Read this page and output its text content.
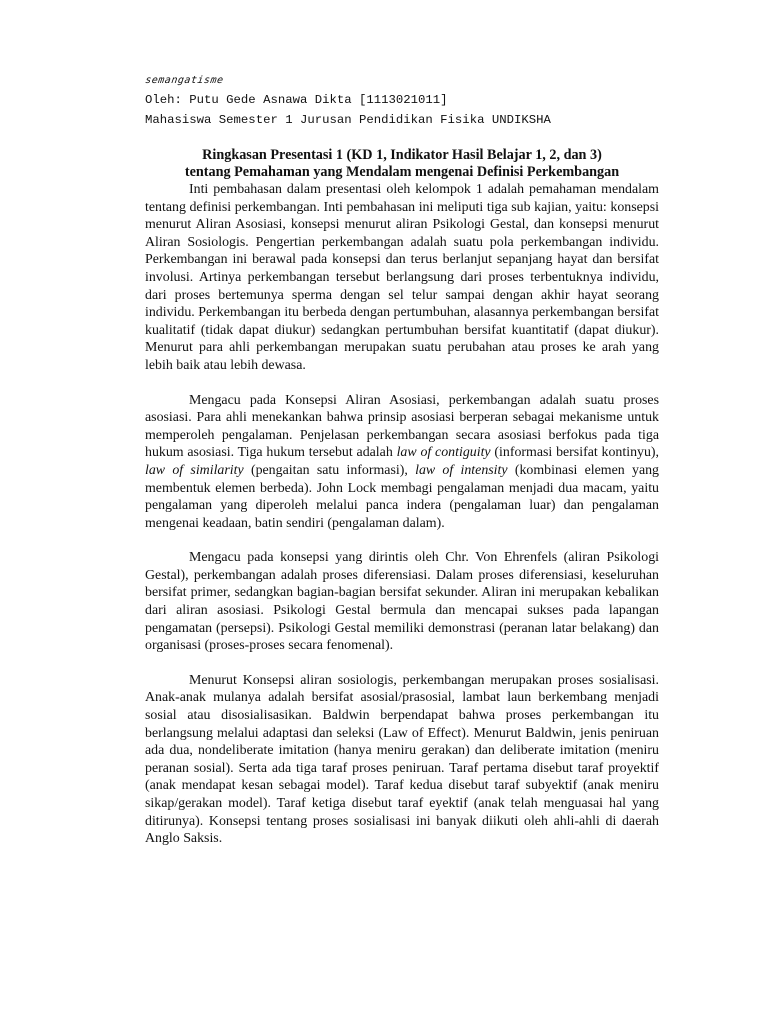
semangatisme
Oleh: Putu Gede Asnawa Dikta [1113021011]
Mahasiswa Semester 1 Jurusan Pendidikan Fisika UNDIKSHA
Ringkasan Presentasi 1 (KD 1, Indikator Hasil Belajar 1, 2, dan 3)
tentang Pemahaman yang Mendalam mengenai Definisi Perkembangan

Inti pembahasan dalam presentasi oleh kelompok 1 adalah pemahaman mendalam tentang definisi perkembangan. Inti pembahasan ini meliputi tiga sub kajian, yaitu: konsepsi menurut Aliran Asosiasi, konsepsi menurut aliran Psikologi Gestal, dan konsepsi menurut Aliran Sosiologis. Pengertian perkembangan adalah suatu pola perkembangan individu. Perkembangan ini berawal pada konsepsi dan terus berlanjut sepanjang hayat dan bersifat involusi. Artinya perkembangan tersebut berlangsung dari proses terbentuknya individu, dari proses bertemunya sperma dengan sel telur sampai dengan akhir hayat seorang individu. Perkembangan itu berbeda dengan pertumbuhan, alasannya perkembangan bersifat kualitatif (tidak dapat diukur) sedangkan pertumbuhan bersifat kuantitatif (dapat diukur). Menurut para ahli perkembangan merupakan suatu perubahan atau proses ke arah yang lebih baik atau lebih dewasa.

Mengacu pada Konsepsi Aliran Asosiasi, perkembangan adalah suatu proses asosiasi. Para ahli menekankan bahwa prinsip asosiasi berperan sebagai mekanisme untuk memperoleh pengalaman. Penjelasan perkembangan secara asosiasi berfokus pada tiga hukum asosiasi. Tiga hukum tersebut adalah law of contiguity (informasi bersifat kontinyu), law of similarity (pengaitan satu informasi), law of intensity (kombinasi elemen yang membentuk elemen berbeda). John Lock membagi pengalaman menjadi dua macam, yaitu pengalaman yang diperoleh melalui panca indera (pengalaman luar) dan pengalaman mengenai keadaan, batin sendiri (pengalaman dalam).

Mengacu pada konsepsi yang dirintis oleh Chr. Von Ehrenfels (aliran Psikologi Gestal), perkembangan adalah proses diferensiasi. Dalam proses diferensiasi, keseluruhan bersifat primer, sedangkan bagian-bagian bersifat sekunder. Aliran ini merupakan kebalikan dari aliran asosiasi. Psikologi Gestal bermula dan mencapai sukses pada lapangan pengamatan (persepsi). Psikologi Gestal memiliki demonstrasi (peranan latar belakang) dan organisasi (proses-proses secara fenomenal).

Menurut Konsepsi aliran sosiologis, perkembangan merupakan proses sosialisasi. Anak-anak mulanya adalah bersifat asosial/prasosial, lambat laun berkembang menjadi sosial atau disosialisasikan. Baldwin berpendapat bahwa proses perkembangan itu berlangsung melalui adaptasi dan seleksi (Law of Effect). Menurut Baldwin, jenis peniruan ada dua, nondeliberate imitation (hanya meniru gerakan) dan deliberate imitation (meniru peranan sosial). Serta ada tiga taraf proses peniruan. Taraf pertama disebut taraf proyektif (anak mendapat kesan sebagai model). Taraf kedua disebut taraf subyektif (anak meniru sikap/gerakan model). Taraf ketiga disebut taraf eyektif (anak telah menguasai hal yang ditirunya). Konsepsi tentang proses sosialisasi ini banyak diikuti oleh ahli-ahli di daerah Anglo Saksis.
